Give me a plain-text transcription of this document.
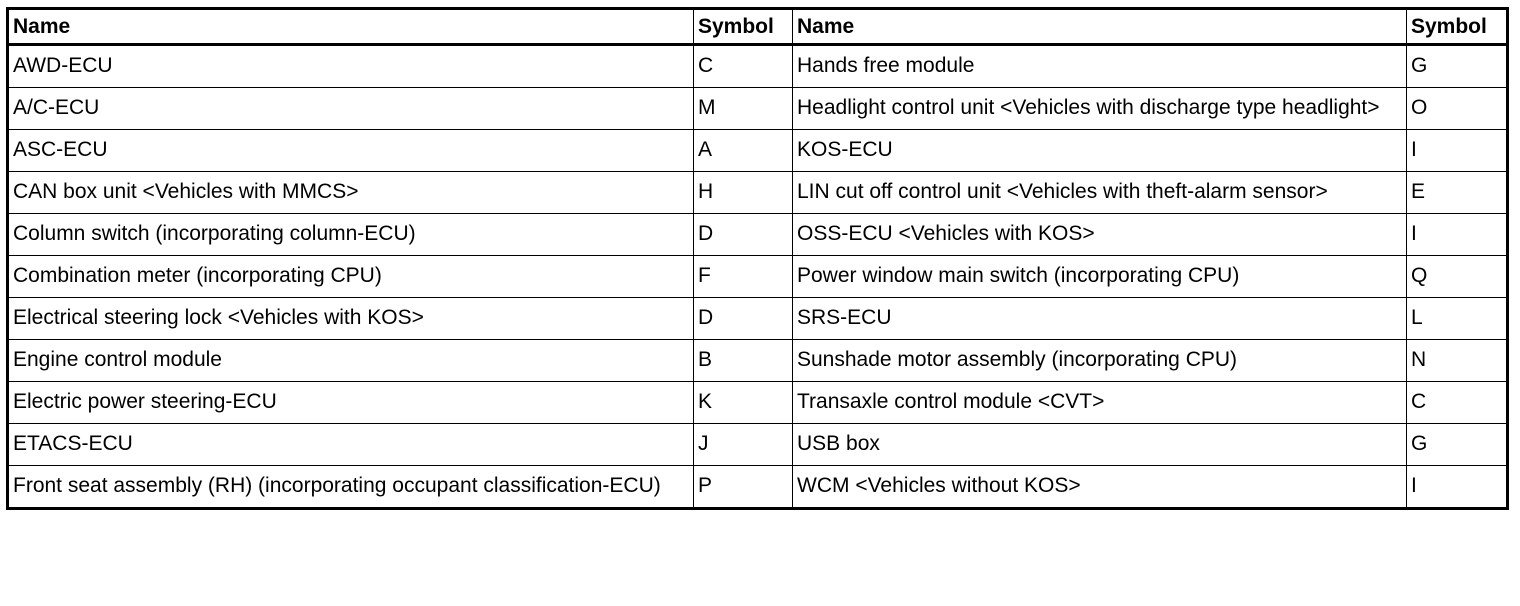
Name	Symbol	Name	Symbol
AWD-ECU	C	Hands free module	G
A/C-ECU	M	Headlight control unit <Vehicles with discharge type headlight>	O
ASC-ECU	A	KOS-ECU	I
CAN box unit <Vehicles with MMCS>	H	LIN cut off control unit <Vehicles with theft-alarm sensor>	E
Column switch (incorporating column-ECU)	D	OSS-ECU <Vehicles with KOS>	I
Combination meter (incorporating CPU)	F	Power window main switch (incorporating CPU)	Q
Electrical steering lock <Vehicles with KOS>	D	SRS-ECU	L
Engine control module	B	Sunshade motor assembly (incorporating CPU)	N
Electric power steering-ECU	K	Transaxle control module <CVT>	C
ETACS-ECU	J	USB box	G
Front seat assembly (RH) (incorporating occupant classification-ECU)	P	WCM <Vehicles without KOS>	I
